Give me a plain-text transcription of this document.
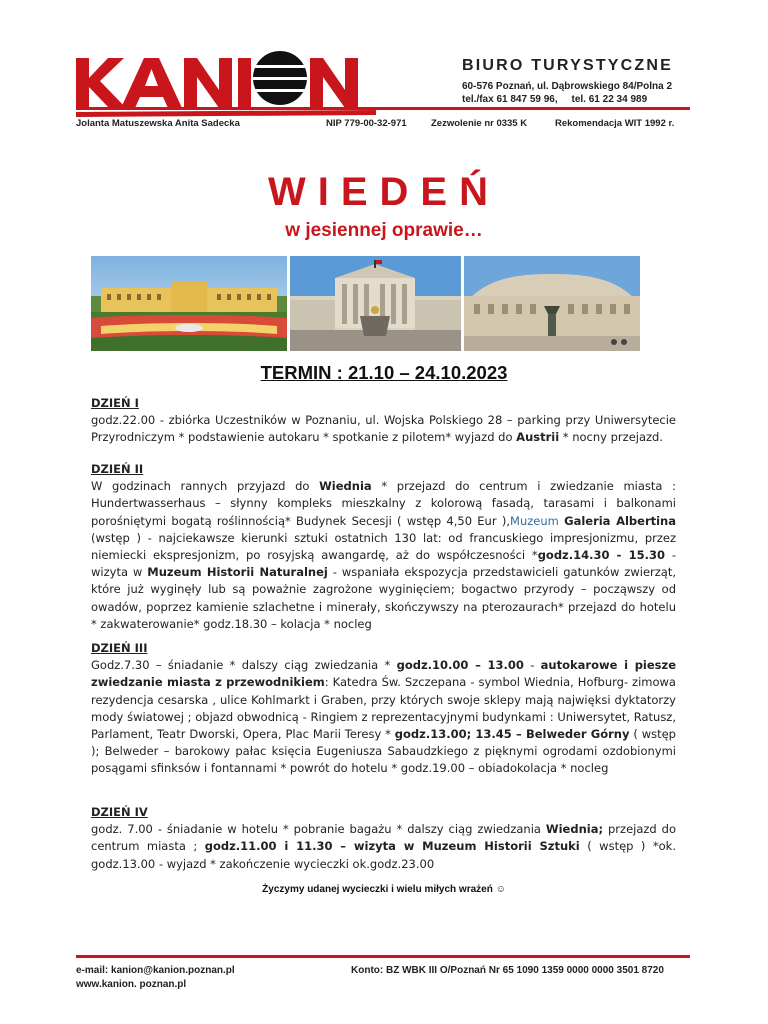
BIURO TURYSTYCZNE
60-576 Poznań, ul. Dąbrowskiego 84/Polna 2
tel./fax 61 847 59 96,     tel. 61 22 34 989
Jolanta Matuszewska Anita Sadecka	NIP 779-00-32-971	Zezwolenie nr 0335 K	Rekomendacja WIT 1992 r.
WIEDEŃ
w jesiennej oprawie…
TERMIN : 21.10 – 24.10.2023
DZIEŃ I
godz.22.00 - zbiórka Uczestników w Poznaniu, ul. Wojska Polskiego 28 – parking przy Uniwersytecie Przyrodniczym * podstawienie autokaru * spotkanie z pilotem* wyjazd do Austrii * nocny przejazd.
DZIEŃ II
W godzinach rannych przyjazd do Wiednia * przejazd do centrum i zwiedzanie miasta : Hundertwasserhaus – słynny kompleks mieszkalny z kolorową fasadą, tarasami i balkonami porośniętymi bogatą roślinnością* Budynek Secesji ( wstęp 4,50 Eur ),Muzeum Galeria Albertina (wstęp ) - najciekawsze kierunki sztuki ostatnich 130 lat: od francuskiego impresjonizmu, przez niemiecki ekspresjonizm, po rosyjską awangardę, aż do współczesności *godz.14.30 - 15.30 - wizyta w Muzeum Historii Naturalnej - wspaniała ekspozycja przedstawicieli gatunków zwierząt, które już wyginęły lub są poważnie zagrożone wyginięciem; bogactwo przyrody – począwszy od owadów, poprzez kamienie szlachetne i minerały, skończywszy na pterozaurach* przejazd do hotelu * zakwaterowanie* godz.18.30 – kolacja * nocleg
DZIEŃ III
Godz.7.30 – śniadanie * dalszy ciąg zwiedzania * godz.10.00 – 13.00 - autokarowe i piesze zwiedzanie miasta z przewodnikiem: Katedra Św. Szczepana - symbol Wiednia, Hofburg- zimowa rezydencja cesarska , ulice Kohlmarkt i Graben, przy których swoje sklepy mają najwięksi dyktatorzy mody światowej ; objazd obwodnicą - Ringiem z reprezentacyjnymi budynkami : Uniwersytet, Ratusz, Parlament, Teatr Dworski, Opera, Plac Marii Teresy * godz.13.00; 13.45 – Belweder Górny ( wstęp ); Belweder – barokowy pałac księcia Eugeniusza Sabaudzkiego z pięknymi ogrodami ozdobionymi posągami sfinksów i fontannami * powrót do hotelu * godz.19.00 – obiadokolacja * nocleg
DZIEŃ IV
godz. 7.00 - śniadanie w hotelu * pobranie bagażu * dalszy ciąg zwiedzania Wiednia; przejazd do centrum miasta ; godz.11.00 i 11.30 – wizyta w Muzeum Historii Sztuki ( wstęp ) *ok. godz.13.00 - wyjazd * zakończenie wycieczki ok.godz.23.00
Życzymy udanej wycieczki i wielu miłych wrażeń ☺
e-mail: kanion@kanion.poznan.pl
www.kanion. poznan.pl
Konto: BZ WBK III O/Poznań Nr 65 1090 1359 0000 0000 3501 8720
